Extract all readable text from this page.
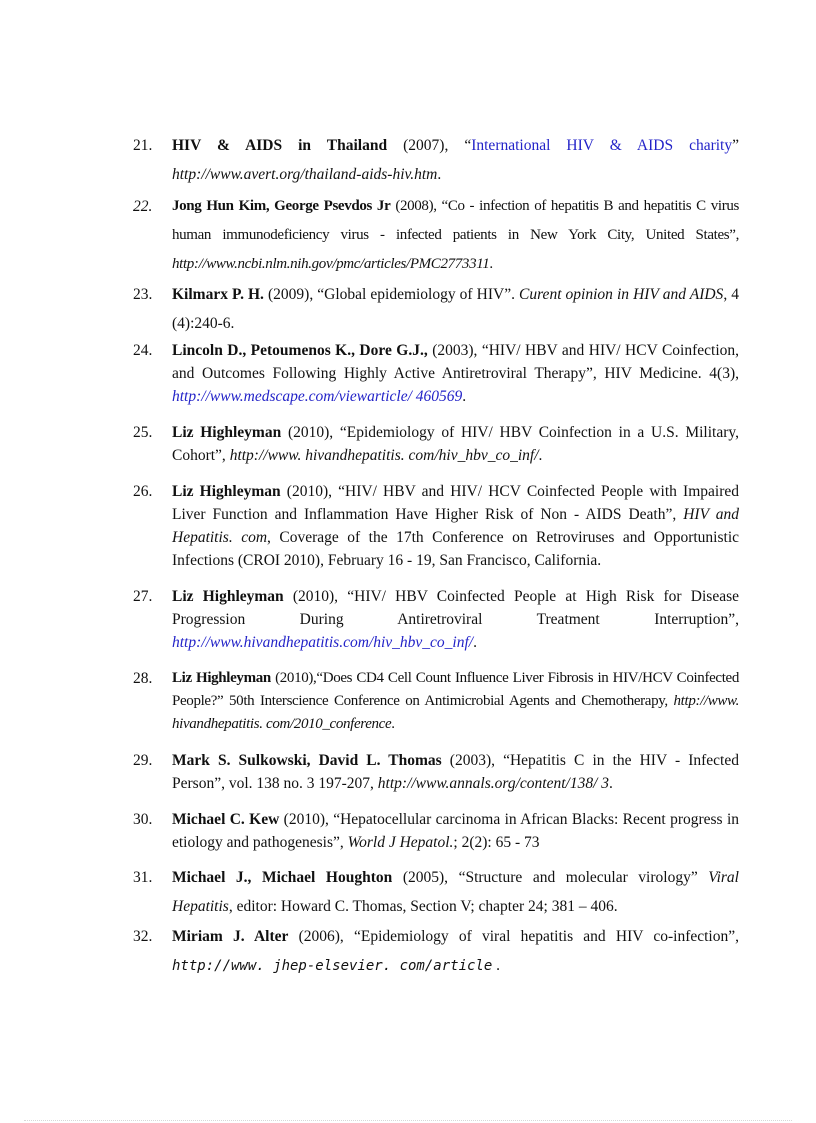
21.	HIV & AIDS in Thailand (2007), “International HIV & AIDS charity” http://www.avert.org/thailand-aids-hiv.htm.
22.	Jong Hun Kim, George Psevdos Jr (2008), “Co - infection of hepatitis B and hepatitis C virus human immunodeficiency virus - infected patients in New York City, United States”, http://www.ncbi.nlm.nih.gov/pmc/articles/PMC2773311.
23.	Kilmarx P. H. (2009), “Global epidemiology of HIV”. Curent opinion in HIV and AIDS, 4 (4):240-6.
24.	Lincoln D., Petoumenos K., Dore G.J., (2003), “HIV/ HBV and HIV/ HCV Coinfection, and Outcomes Following Highly Active Antiretroviral Therapy”, HIV Medicine. 4(3), http://www.medscape.com/viewarticle/ 460569.
25.	Liz Highleyman (2010), “Epidemiology of HIV/ HBV Coinfection in a U.S. Military, Cohort”, http://www. hivandhepatitis. com/hiv_hbv_co_inf/.
26.	Liz Highleyman (2010), “HIV/ HBV and HIV/ HCV Coinfected People with Impaired Liver Function and Inflammation Have Higher Risk of Non - AIDS Death”, HIV and Hepatitis. com, Coverage of the 17th Conference on Retroviruses and Opportunistic Infections (CROI 2010), February 16 - 19, San Francisco, California.
27.	Liz Highleyman (2010), “HIV/ HBV Coinfected People at High Risk for Disease Progression During Antiretroviral Treatment Interruption”, http://www.hivandhepatitis.com/hiv_hbv_co_inf/.
28.	Liz Highleyman (2010),“Does CD4 Cell Count Influence Liver Fibrosis in HIV/HCV Coinfected People?” 50th Interscience Conference on Antimicrobial Agents and Chemotherapy, http://www. hivandhepatitis. com/2010_conference.
29.	Mark S. Sulkowski, David L. Thomas (2003), “Hepatitis C in the HIV - Infected Person”, vol. 138 no. 3 197-207, http://www.annals.org/content/138/ 3.
30.	Michael C. Kew (2010), “Hepatocellular carcinoma in African Blacks: Recent progress in etiology and pathogenesis”, World J Hepatol.; 2(2): 65 - 73
31.	Michael J., Michael Houghton (2005), “Structure and molecular virology” Viral Hepatitis, editor: Howard C. Thomas, Section V; chapter 24; 381 – 406.
32.	Miriam J. Alter (2006), “Epidemiology of viral hepatitis and HIV co-infection”, http://www. jhep-elsevier. com/article .
